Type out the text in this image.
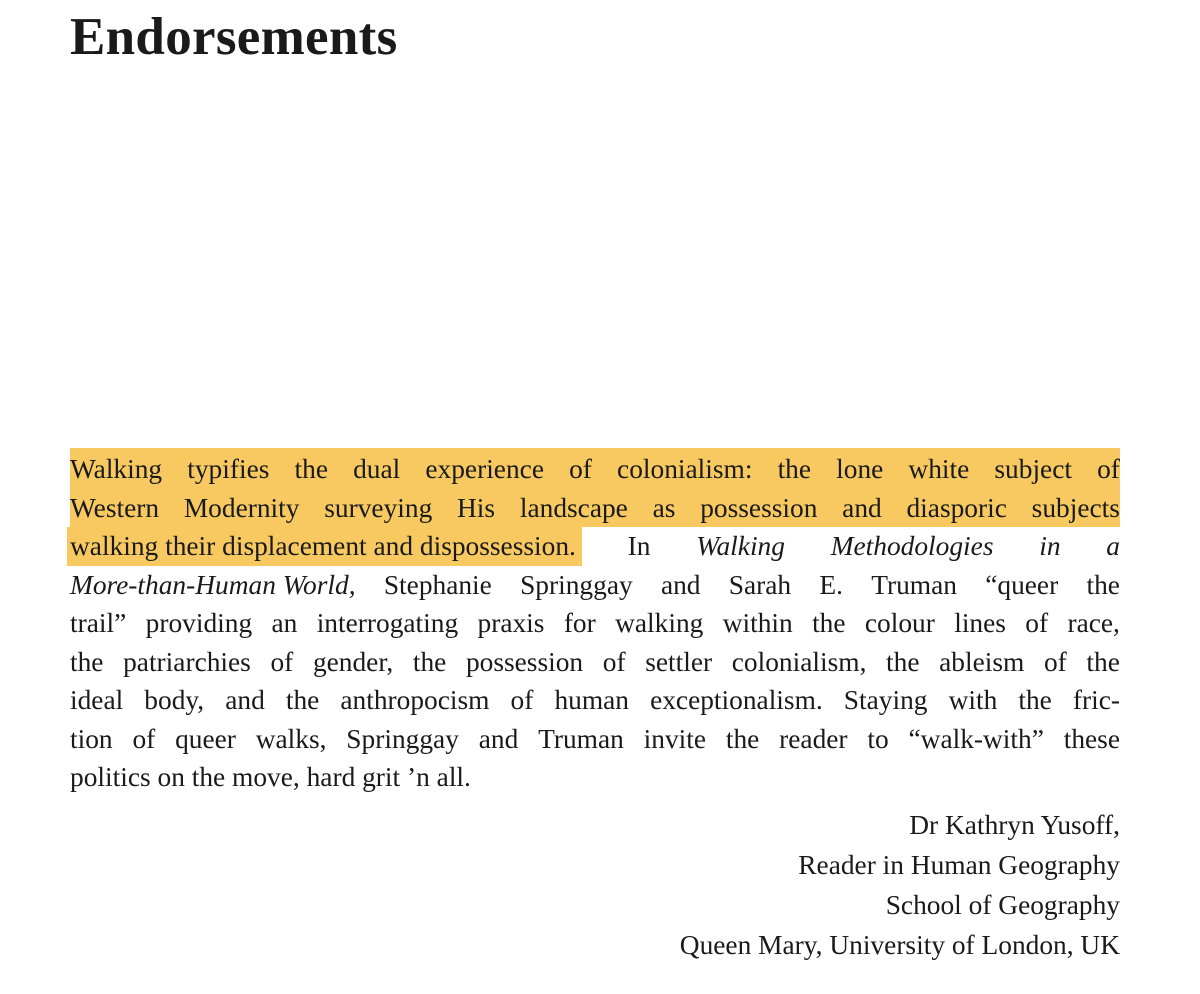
Endorsements
Walking typifies the dual experience of colonialism: the lone white subject of
Western Modernity surveying His landscape as possession and diasporic subjects
walking their displacement and dispossession. In Walking Methodologies in a
More-than-Human World, Stephanie Springgay and Sarah E. Truman “queer the
trail” providing an interrogating praxis for walking within the colour lines of race,
the patriarchies of gender, the possession of settler colonialism, the ableism of the
ideal body, and the anthropocism of human exceptionalism. Staying with the fric-
tion of queer walks, Springgay and Truman invite the reader to “walk-with” these
politics on the move, hard grit ’n all.
Dr Kathryn Yusoff,
Reader in Human Geography
School of Geography
Queen Mary, University of London, UK
